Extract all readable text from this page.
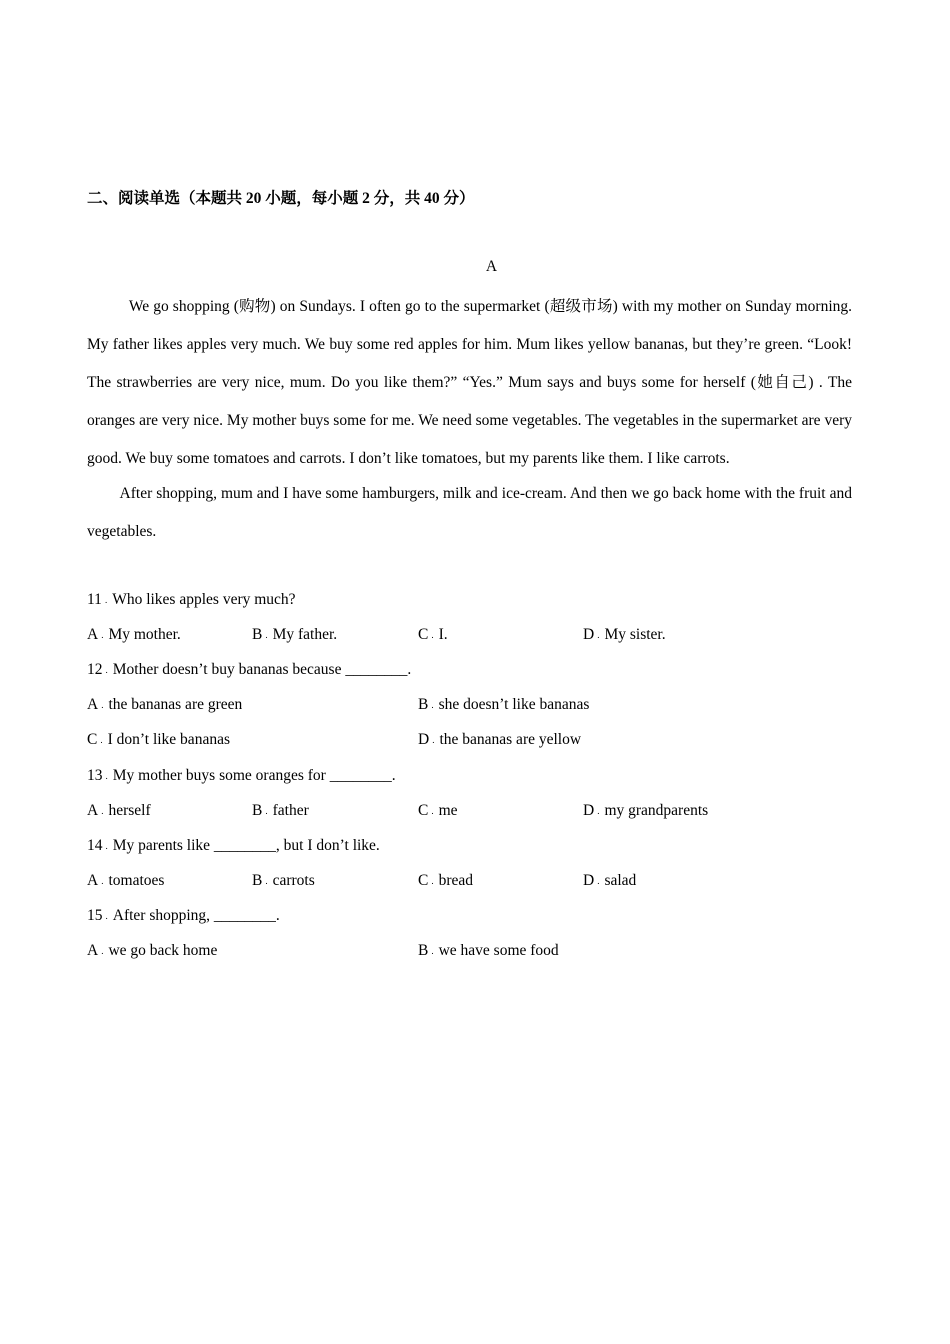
二、阅读单选（本题共 20 小题，每小题 2 分，共 40 分）
A

We go shopping (购物) on Sundays. I often go to the supermarket (超级市场) with my mother on Sunday morning. My father likes apples very much. We buy some red apples for him. Mum likes yellow bananas, but they’re green. “Look! The strawberries are very nice, mum. Do you like them?” “Yes.” Mum says and buys some for herself (她自己) . The oranges are very nice. My mother buys some for me. We need some vegetables. The vegetables in the supermarket are very good. We buy some tomatoes and carrots. I don’t like tomatoes, but my parents like them. I like carrots.

After shopping, mum and I have some hamburgers, milk and ice-cream. And then we go back home with the fruit and vegetables.

11 . Who likes apples very much?
A . My mother.	B . My father.	C . I.	D . My sister.
12 . Mother doesn’t buy bananas because ________.
A . the bananas are green	B . she doesn’t like bananas
C . I don’t like bananas	D . the bananas are yellow
13 . My mother buys some oranges for ________.
A . herself	B . father	C . me	D . my grandparents
14 . My parents like ________, but I don’t like.
A . tomatoes	B . carrots	C . bread	D . salad
15 . After shopping, ________.
A . we go back home	B . we have some food
